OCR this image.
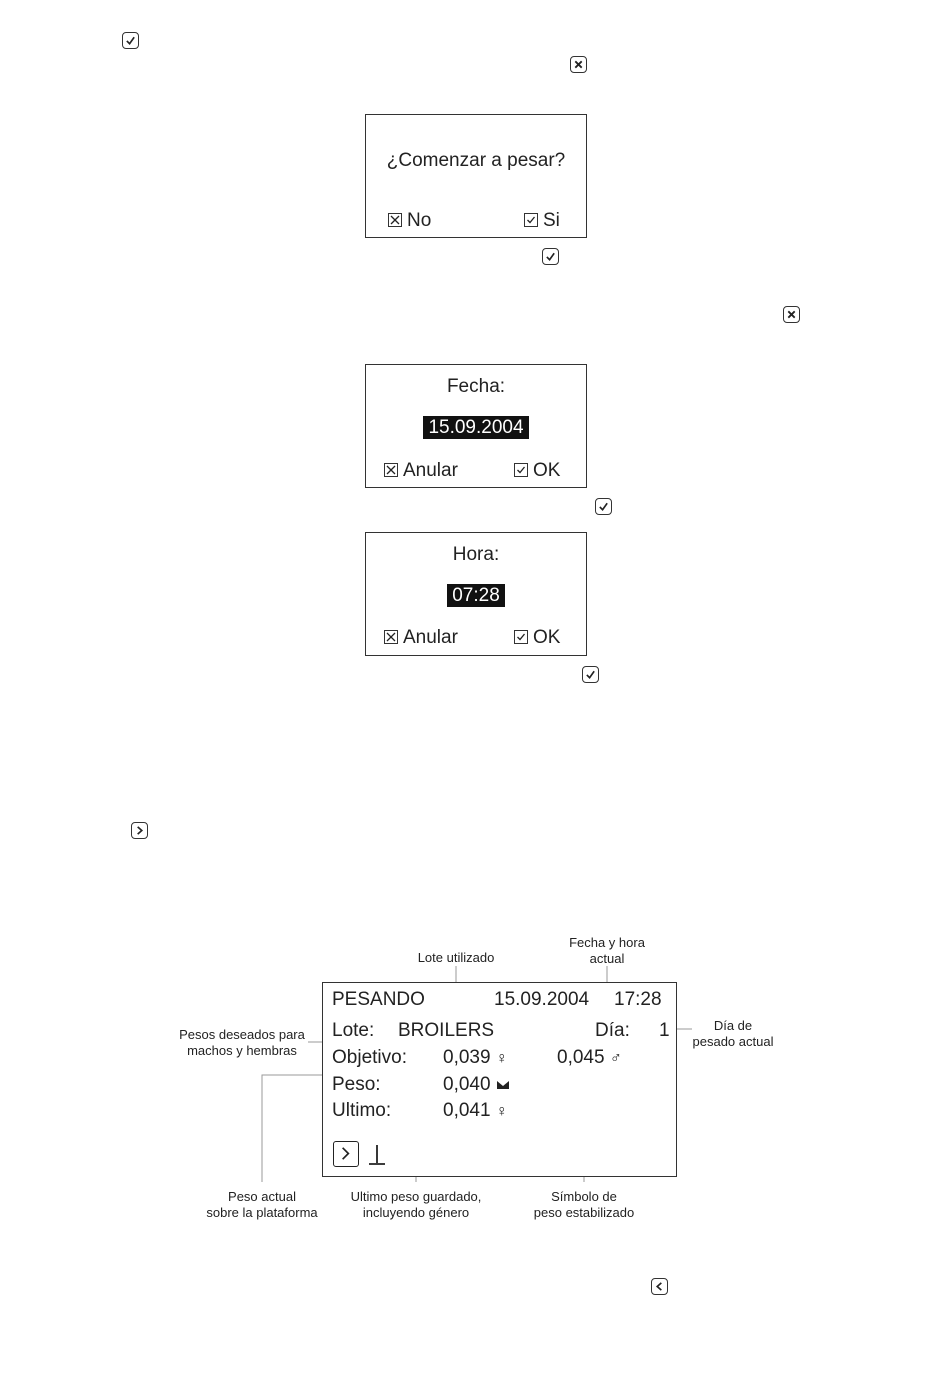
¿Comenzar a pesar?
No	Si
Fecha:
15.09.2004
Anular	OK
Hora:
07:28
Anular	OK
Lote utilizado
Fecha y hora
actual
Día de
pesado actual
Pesos deseados para
machos y hembras
Peso actual
sobre la plataforma
Ultimo peso guardado,
incluyendo género
Símbolo de
peso estabilizado
PESANDO	15.09.2004 17:28
Lote: BROILERS	Día: 1
Objetivo: 0,039 ♀	0,045 ♂
Peso:	0,040
Ultimo:	0,041 ♀
